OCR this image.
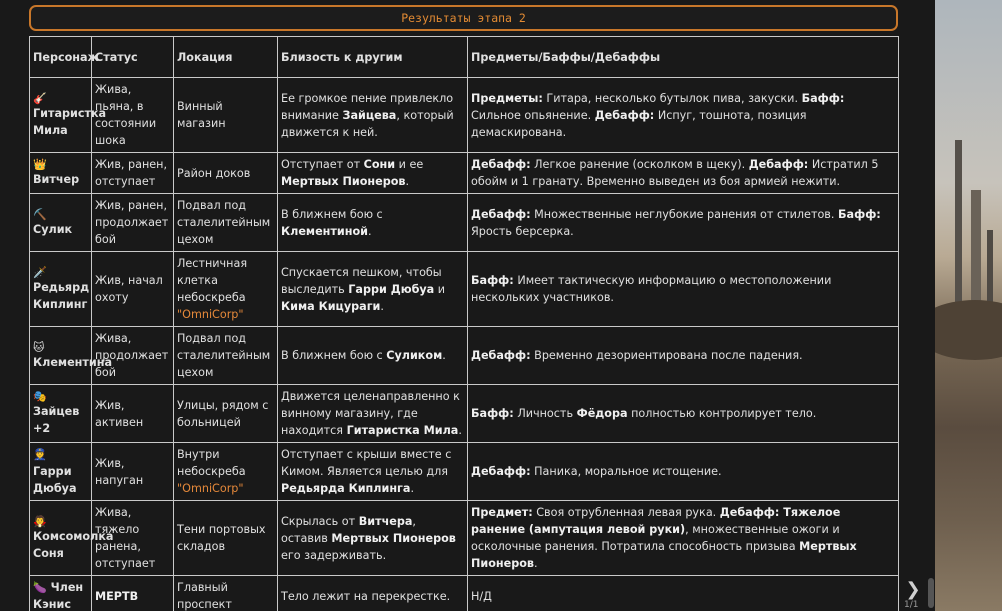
Результаты этапа 2
Персонаж	Статус	Локация	Близость к другим	Предметы/Баффы/Дебаффы

🎸
Гитаристка Мила	Жива, пьяна, в состоянии шока	Винный магазин	Ее громкое пение привлекло внимание Зайцева, который движется к ней.	Предметы: Гитара, несколько бутылок пива, закуски. Бафф: Сильное опьянение. Дебафф: Испуг, тошнота, позиция демаскирована.

👑
Витчер	Жив, ранен, отступает	Район доков	Отступает от Сони и ее Мертвых Пионеров.	Дебафф: Легкое ранение (осколком в щеку). Дебафф: Истратил 5 обойм и 1 гранату. Временно выведен из боя армией нежити.

⛏️
Сулик	Жив, ранен, продолжает бой	Подвал под сталелитейным цехом	В ближнем бою с Клементиной.	Дебафф: Множественные неглубокие ранения от стилетов. Бафф: Ярость берсерка.

🗡️
Редьярд Киплинг	Жив, начал охоту	Лестничная клетка небоскреба "OmniCorp"	Спускается пешком, чтобы выследить Гарри Дюбуа и Кима Кицураги.	Бафф: Имеет тактическую информацию о местоположении нескольких участников.

🐱
Клементина	Жива, продолжает бой	Подвал под сталелитейным цехом	В ближнем бою с Суликом.	Дебафф: Временно дезориентирована после падения.

🎭
Зайцев +2	Жив, активен	Улицы, рядом с больницей	Движется целенаправленно к винному магазину, где находится Гитаристка Мила.	Бафф: Личность Фёдора полностью контролирует тело.
👮 Гарри Дюбуа	Жив, напуган	Внутри небоскреба "OmniCorp"	Отступает с крыши вместе с Кимом. Является целью для Редьярда Киплинга.	Дебафф: Паника, моральное истощение.

🧛
Комсомолка Соня	Жива, тяжело ранена, отступает	Тени портовых складов	Скрылась от Витчера, оставив Мертвых Пионеров его задерживать.	Предмет: Своя отрубленная левая рука. Дебафф: Тяжелое ранение (ампутация левой руки), множественные ожоги и осколочные ранения. Потратила способность призыва Мертвых Пионеров.
🍆 Член Кэнис	МЕРТВ	Главный проспект	Тело лежит на перекрестке.	Н/Д	❯
1/1
